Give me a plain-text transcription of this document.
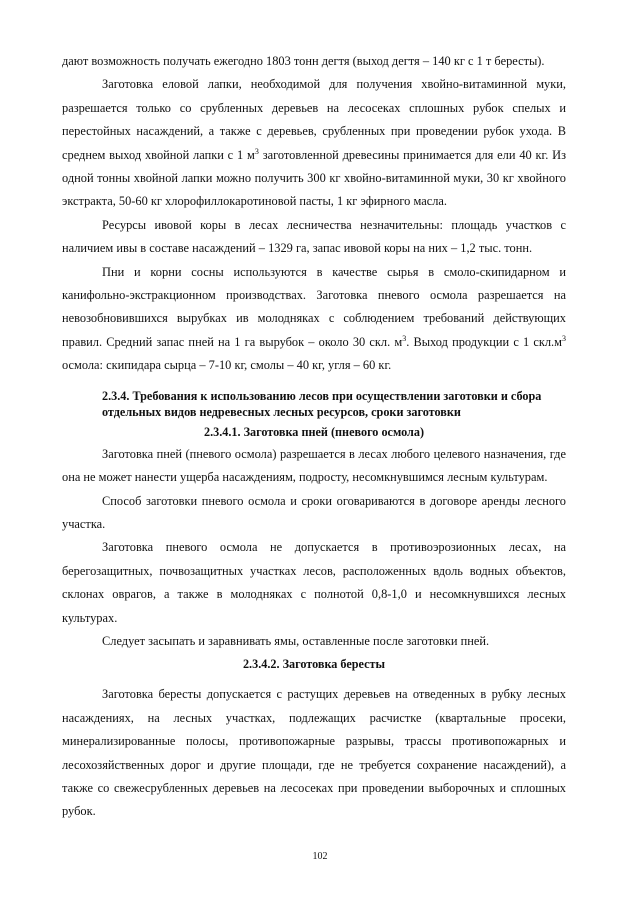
дают возможность получать ежегодно 1803 тонн дегтя (выход дегтя – 140 кг с 1 т бересты).

Заготовка еловой лапки, необходимой для получения хвойно-витаминной муки, разрешается только со срубленных деревьев на лесосеках сплошных рубок спелых и перестойных насаждений, а также с деревьев, срубленных при проведении рубок ухода. В среднем выход хвойной лапки с 1 $м^3$ заготовленной древесины принимается для ели 40 кг. Из одной тонны хвойной лапки можно получить 300 кг хвойно-витаминной муки, 30 кг хвойного экстракта, 50-60 кг хлорофиллокаротиновой пасты, 1 кг эфирного масла.

Ресурсы ивовой коры в лесах лесничества незначительны: площадь участков с наличием ивы в составе насаждений – 1329 га, запас ивовой коры на них – 1,2 тыс. тонн.

Пни и корни сосны используются в качестве сырья в смоло-скипидарном и канифольно-экстракционном производствах. Заготовка пневого осмола разрешается на невозобновившихся вырубках ив молодняках с соблюдением требований действующих правил. Средний запас пней на 1 га вырубок – около 30 скл. $м^3$. Выход продукции с 1 $скл.м^3$ осмола: скипидара сырца – 7-10 кг, смолы – 40 кг, угля – 60 кг.

2.3.4. Требования к использованию лесов при осуществлении заготовки и сбора отдельных видов недревесных лесных ресурсов, сроки заготовки

2.3.4.1. Заготовка пней (пневого осмола)

Заготовка пней (пневого осмола) разрешается в лесах любого целевого назначения, где она не может нанести ущерба насаждениям, подросту, несомкнувшимся лесным культурам.

Способ заготовки пневого осмола и сроки оговариваются в договоре аренды лесного участка.

Заготовка пневого осмола не допускается в противоэрозионных лесах, на берегозащитных, почвозащитных участках лесов, расположенных вдоль водных объектов, склонах оврагов, а также в молодняках с полнотой 0,8-1,0 и несомкнувшихся лесных культурах.

Следует засыпать и заравнивать ямы, оставленные после заготовки пней.

2.3.4.2. Заготовка бересты

Заготовка бересты допускается с растущих деревьев на отведенных в рубку лесных насаждениях, на лесных участках, подлежащих расчистке (квартальные просеки, минерализированные полосы, противопожарные разрывы, трассы противопожарных и лесохозяйственных дорог и другие площади, где не требуется сохранение насаждений), а также со свежесрубленных деревьев на лесосеках при проведении выборочных и сплошных рубок.

102
